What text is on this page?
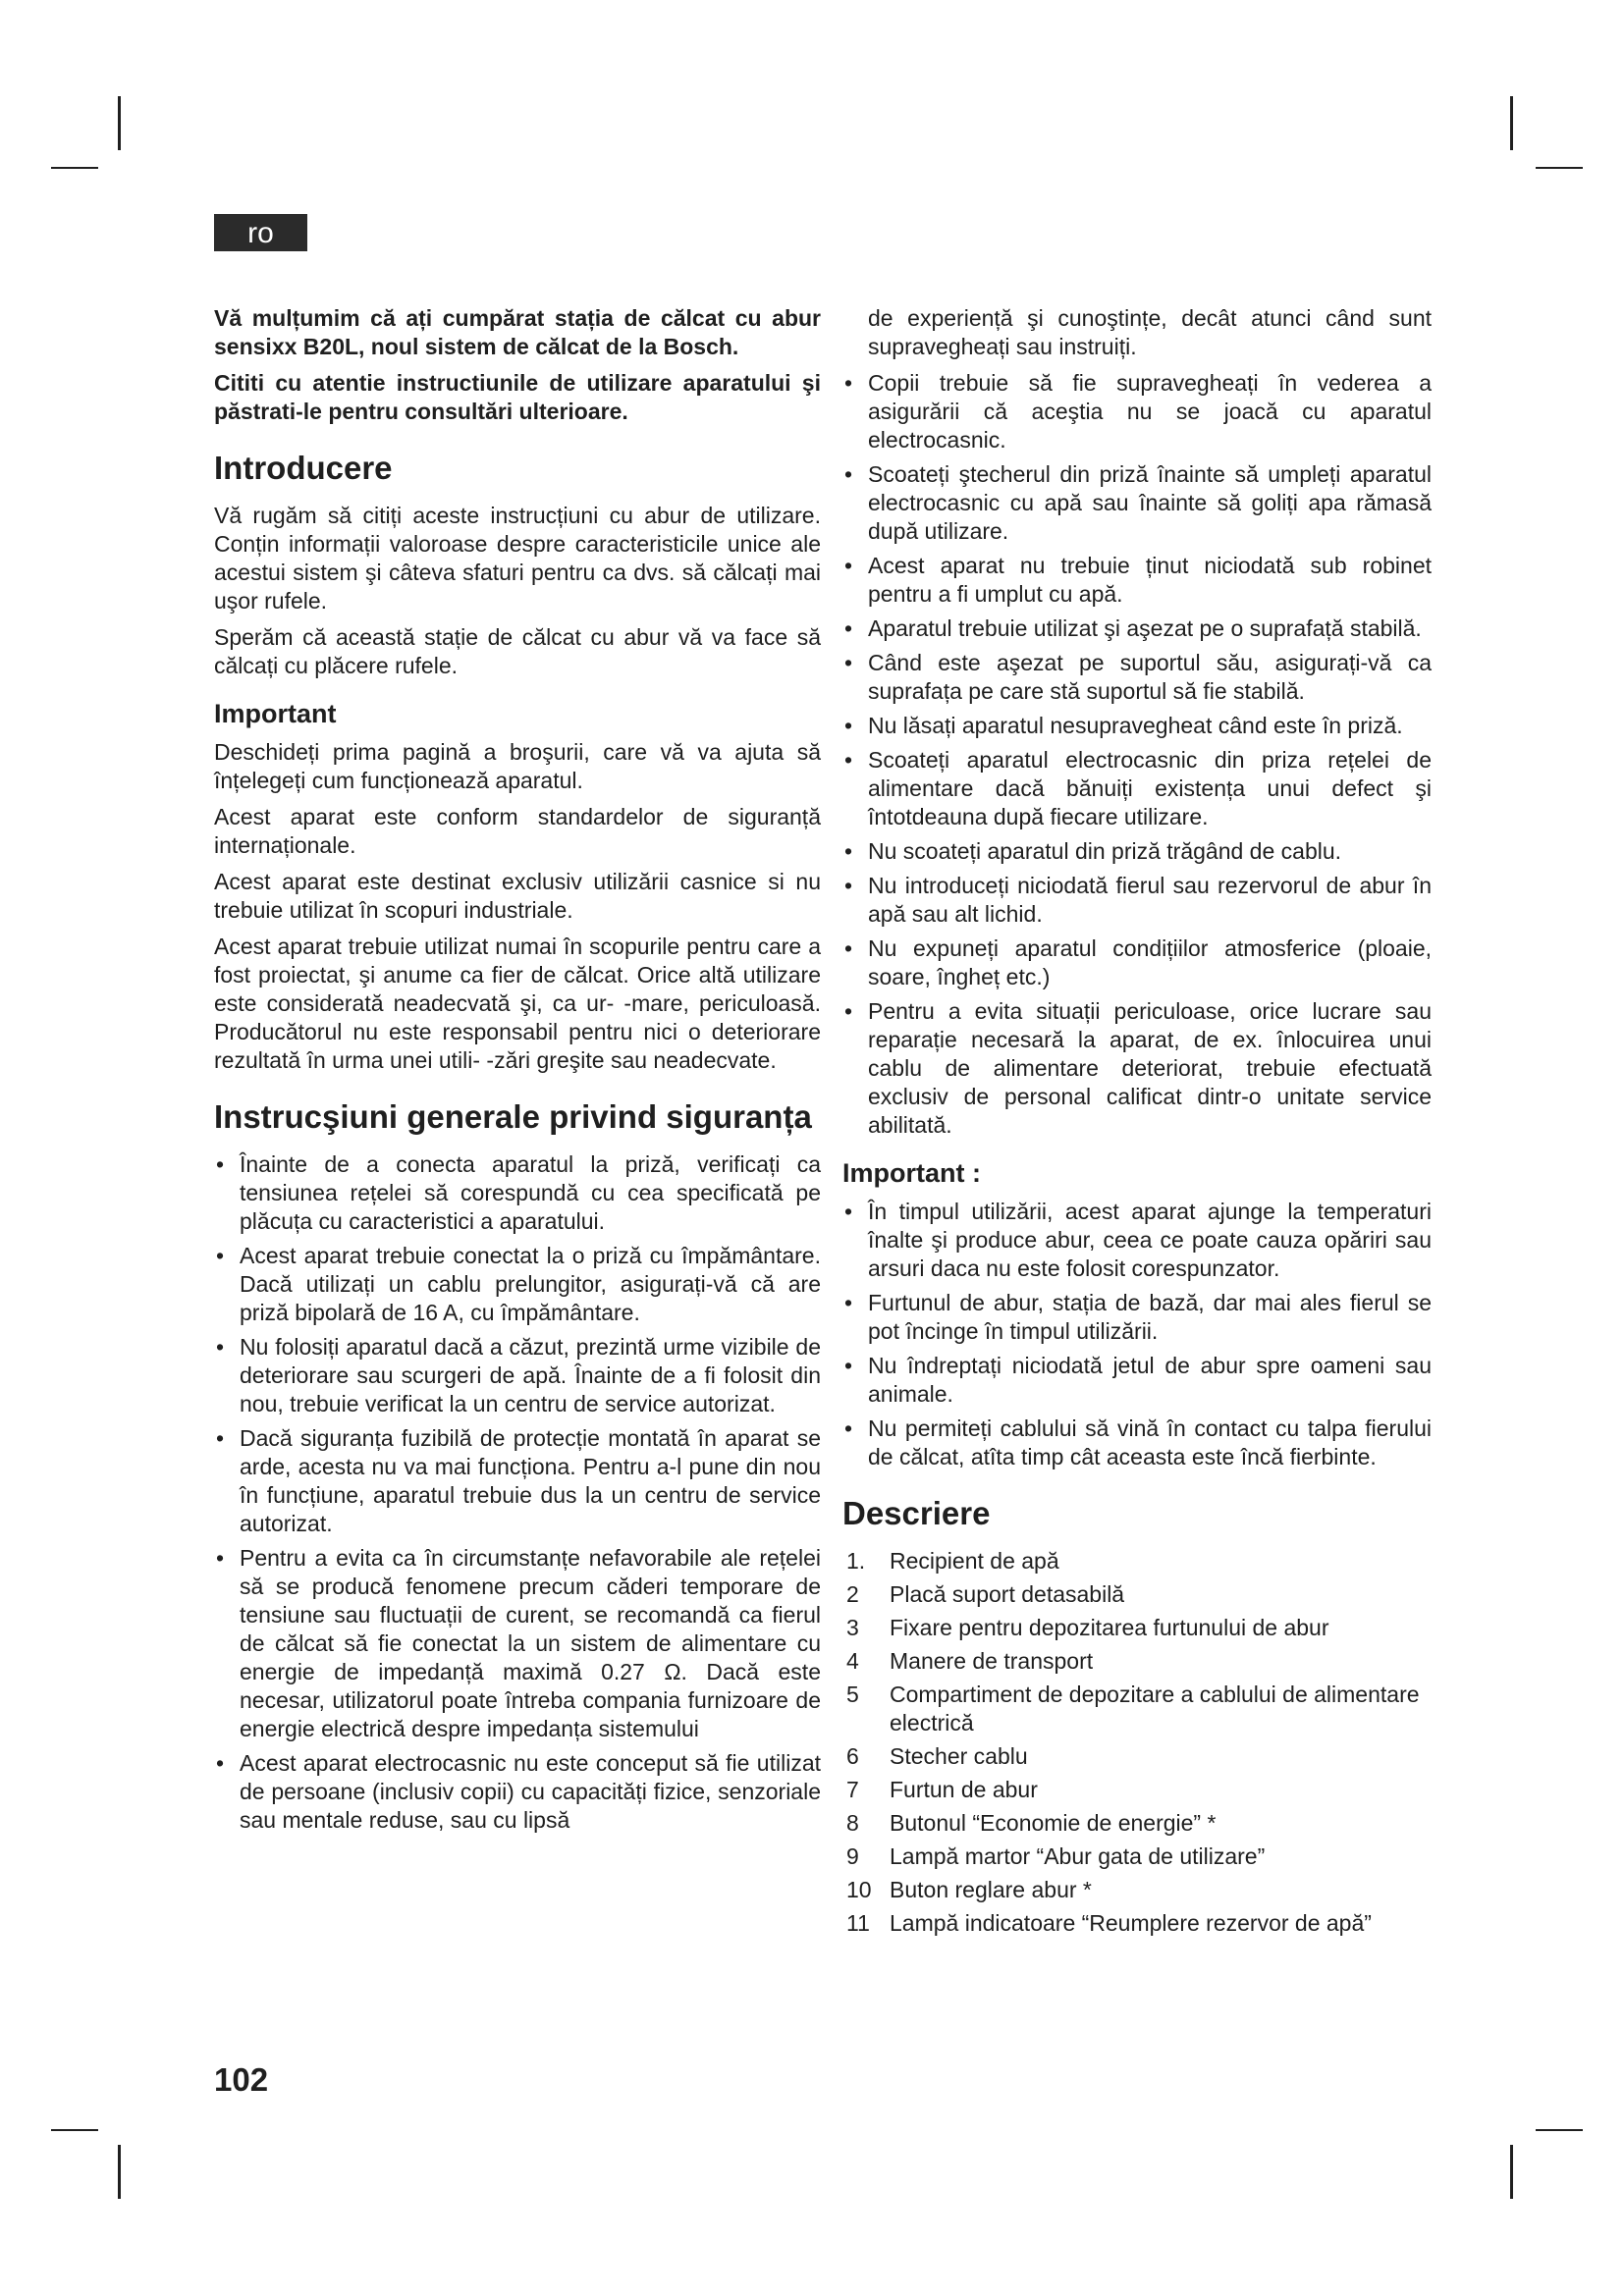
ro

Vă mulțumim că ați cumpărat stația de călcat cu abur sensixx B20L, noul sistem de călcat de la Bosch.

Cititi cu atentie instructiunile de utilizare aparatului şi păstrati-le pentru consultări ulterioare.

Introducere

Vă rugăm să citiți aceste instrucțiuni cu abur de utilizare. Conțin informații valoroase despre caracteristicile unice ale acestui sistem şi câteva sfaturi pentru ca dvs. să călcați mai uşor rufele.

Sperăm că această stație de călcat cu abur vă va face să călcați cu plăcere rufele.

Important

Deschideți prima pagină a broşurii, care vă va ajuta să înțelegeți cum funcționează aparatul.

Acest aparat este conform standardelor de siguranță internaționale.

Acest aparat este destinat exclusiv utilizării casnice si nu trebuie utilizat în scopuri industriale.

Acest aparat trebuie utilizat numai în scopurile pentru care a fost proiectat, şi anume ca fier de călcat. Orice altă utilizare este considerată neadecvată şi, ca ur- -mare, periculoasă. Producătorul nu este responsabil pentru nici o deteriorare rezultată în urma unei utili- -zări greşite sau neadecvate.

Instrucşiuni generale privind siguranța
• Înainte de a conecta aparatul la priză, verificați ca tensiunea rețelei să corespundă cu cea specificată pe plăcuța cu caracteristici a aparatului.
• Acest aparat trebuie conectat la o priză cu împământare. Dacă utilizați un cablu prelungitor, asigurați-vă că are priză bipolară de 16 A, cu împământare.
• Nu folosiți aparatul dacă a căzut, prezintă urme vizibile de deteriorare sau scurgeri de apă. Înainte de a fi folosit din nou, trebuie verificat la un centru de service autorizat.
• Dacă siguranța fuzibilă de protecție montată în aparat se arde, acesta nu va mai funcționa. Pentru a-l pune din nou în funcțiune, aparatul trebuie dus la un centru de service autorizat.
• Pentru a evita ca în circumstanțe nefavorabile ale rețelei să se producă fenomene precum căderi temporare de tensiune sau fluctuații de curent, se recomandă ca fierul de călcat să fie conectat la un sistem de alimentare cu energie de impedanță maximă 0.27 Ω. Dacă este necesar, utilizatorul poate întreba compania furnizoare de energie electrică despre impedanța sistemului
• Acest aparat electrocasnic nu este conceput să fie utilizat de persoane (inclusiv copii) cu capacități fizice, senzoriale sau mentale reduse, sau cu lipsă

de experiență şi cunoştințe, decât atunci când sunt supravegheați sau instruiți.

• Copii trebuie să fie supravegheați în vederea a asigurării că aceştia nu se joacă cu aparatul electrocasnic.
• Scoateți ştecherul din priză înainte să umpleți aparatul electrocasnic cu apă sau înainte să goliți apa rămasă după utilizare.
• Acest aparat nu trebuie ținut niciodată sub robinet pentru a fi umplut cu apă.
• Aparatul trebuie utilizat şi aşezat pe o suprafață stabilă.
• Când este aşezat pe suportul său, asigurați-vă ca suprafața pe care stă suportul să fie stabilă.
• Nu lăsați aparatul nesupravegheat când este în priză.
• Scoateți aparatul electrocasnic din priza rețelei de alimentare dacă bănuiți existența unui defect şi întotdeauna după fiecare utilizare.
• Nu scoateți aparatul din priză trăgând de cablu.
• Nu introduceți niciodată fierul sau rezervorul de abur în apă sau alt lichid.
• Nu expuneți aparatul condițiilor atmosferice (ploaie, soare, îngheț etc.)
• Pentru a evita situații periculoase, orice lucrare sau reparație necesară la aparat, de ex. înlocuirea unui cablu de alimentare deteriorat, trebuie efectuată exclusiv de personal calificat dintr-o unitate service abilitată.
Important :
• În timpul utilizării, acest aparat ajunge la temperaturi înalte şi produce abur, ceea ce poate cauza opăriri sau arsuri daca nu este folosit corespunzator.
• Furtunul de abur, stația de bază, dar mai ales fierul se pot încinge în timpul utilizării.
• Nu îndreptați niciodată jetul de abur spre oameni sau animale.
• Nu permiteți cablului să vină în contact cu talpa fierului de călcat, atîta timp cât aceasta este încă fierbinte.
Descriere
1. Recipient de apă
2 Placă suport detasabilă
3 Fixare pentru depozitarea furtunului de abur
4 Manere de transport
5 Compartiment de depozitare a cablului de alimentare electrică
6 Stecher cablu
7 Furtun de abur
8 Butonul “Economie de energie” *
9 Lampă martor “Abur gata de utilizare”
10 Buton reglare abur *
11 Lampă indicatoare “Reumplere rezervor de apă”
102
